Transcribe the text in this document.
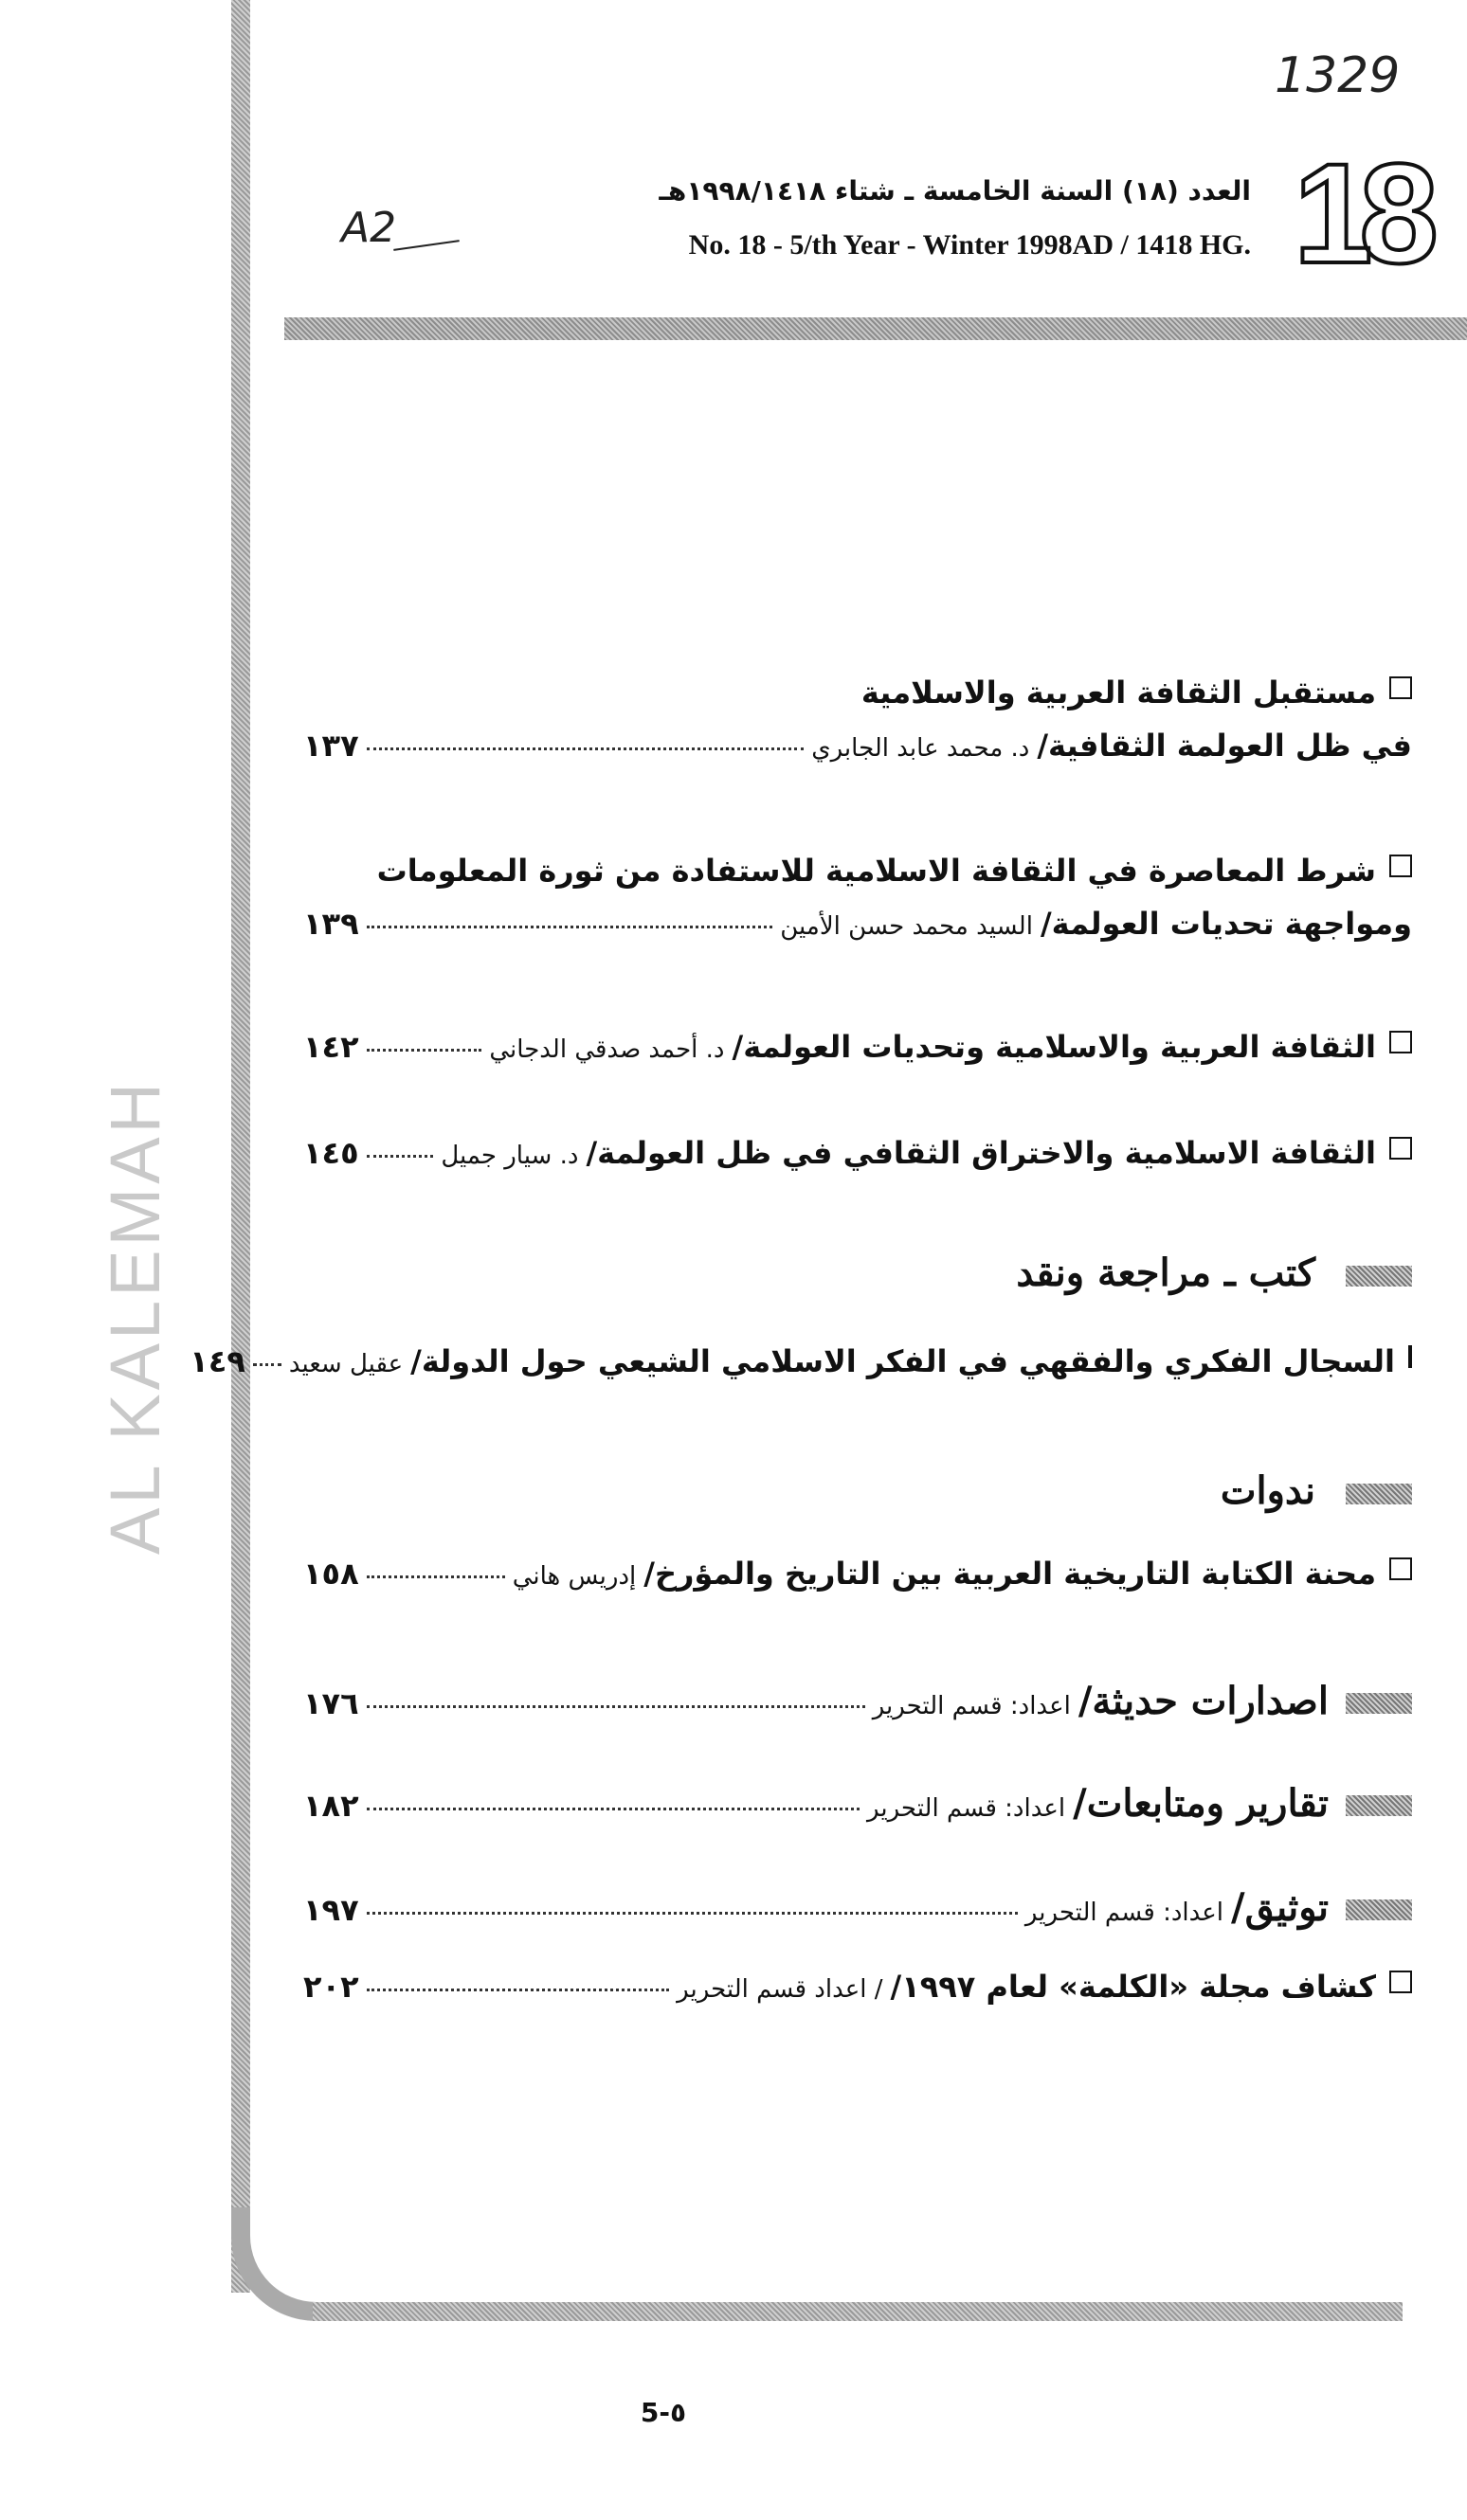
1329
A2	18
العدد (١٨) السنة الخامسة ـ شتاء ١٩٩٨/١٤١٨هـ
No. 18 - 5/th Year - Winter 1998AD / 1418 HG.
AL KALEMAH
مستقبل الثقافة العربية والاسلامية
في ظل العولمة الثقافية/
د. محمد عابد الجابري
١٣٧
شرط المعاصرة في الثقافة الاسلامية للاستفادة من ثورة المعلومات
ومواجهة تحديات العولمة/
السيد محمد حسن الأمين
١٣٩
الثقافة العربية والاسلامية وتحديات العولمة/
د. أحمد صدقي الدجاني
١٤٢
الثقافة الاسلامية والاختراق الثقافي في ظل العولمة/
د. سيار جميل
١٤٥
كتب ـ مراجعة ونقد
السجال الفكري والفقهي في الفكر الاسلامي الشيعي حول الدولة/
عقيل سعيد
١٤٩
ندوات
محنة الكتابة التاريخية العربية بين التاريخ والمؤرخ/
إدريس هاني
١٥٨
اصدارات حديثة/
اعداد: قسم التحرير
١٧٦
تقارير ومتابعات/
اعداد: قسم التحرير
١٨٢
توثيق/
اعداد: قسم التحرير
١٩٧
كشاف مجلة «الكلمة» لعام ١٩٩٧/
/ اعداد قسم التحرير
٢٠٢
5-٥
